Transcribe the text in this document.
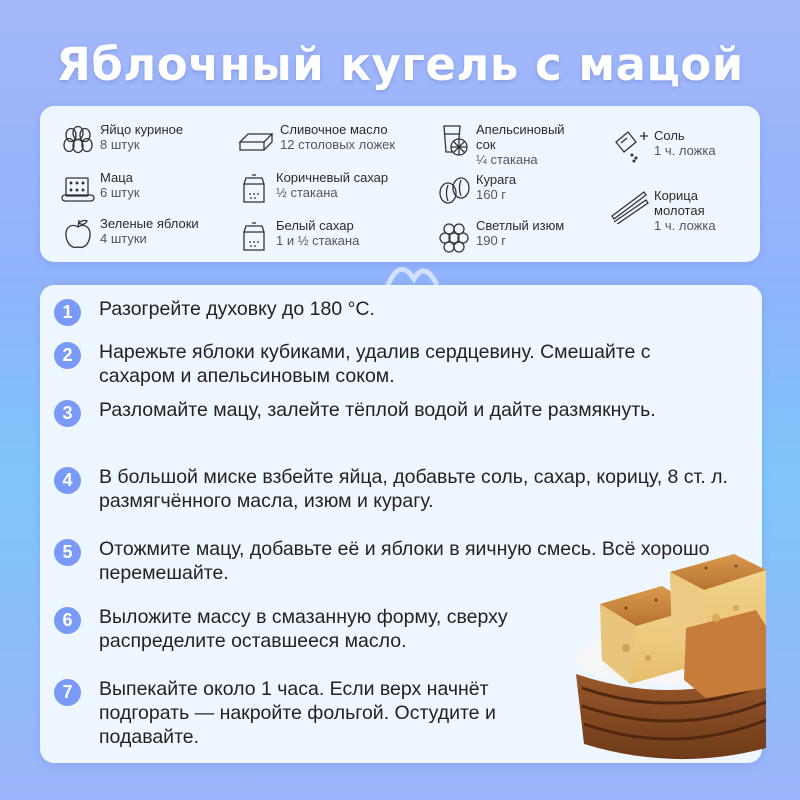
Яблочный кугель с мацой
Яйцо куриное
8 штук
Маца
6 штук
Зеленые яблоки
4 штуки
Сливочное масло
12 столовых ложек
Коричневый сахар
½ стакана
Белый сахар
1 и ½ стакана
Апельсиновый сок
¼ стакана
Курага
160 г
Светлый изюм
190 г
Соль
1 ч. ложка
Корица молотая
1 ч. ложка
1	Разогрейте духовку до 180 °C.
2	Нарежьте яблоки кубиками, удалив сердцевину. Смешайте с сахаром и апельсиновым соком.
3	Разломайте мацу, залейте тёплой водой и дайте размякнуть.
4	В большой миске взбейте яйца, добавьте соль, сахар, корицу, 8 ст. л. размягчённого масла, изюм и курагу.
5	Отожмите мацу, добавьте её и яблоки в яичную смесь. Всё хорошо перемешайте.
6	Выложите массу в смазанную форму, сверху распределите оставшееся масло.
7	Выпекайте около 1 часа. Если верх начнёт подгорать — накройте фольгой. Остудите и подавайте.
